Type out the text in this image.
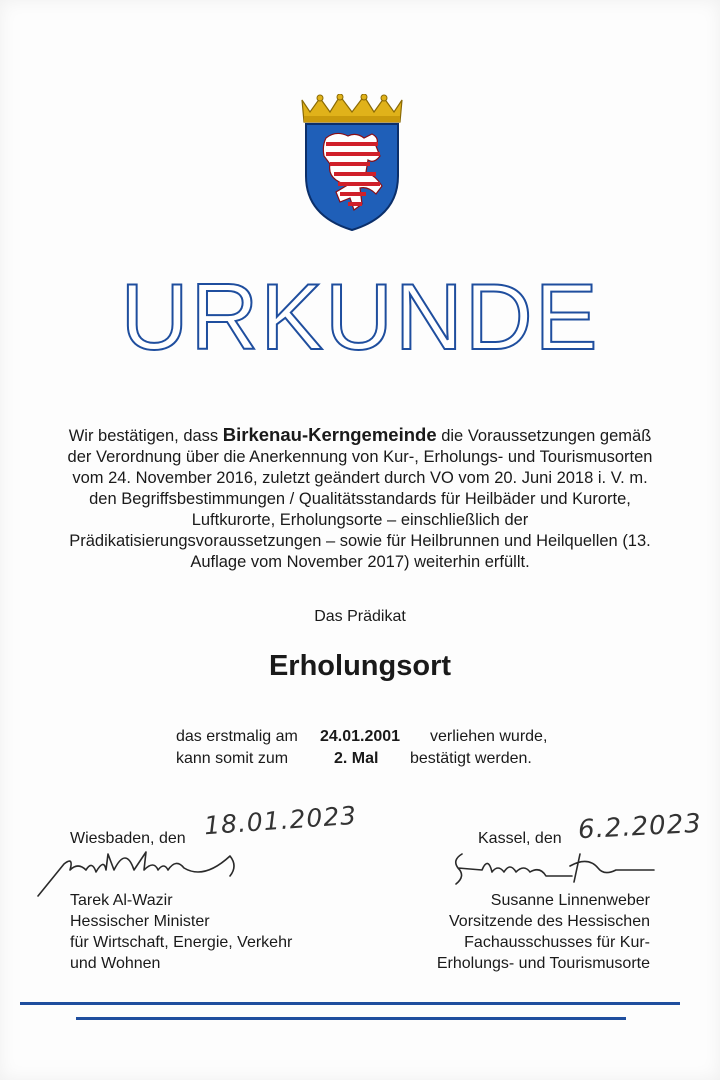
URKUNDE
Wir bestätigen, dass Birkenau-Kerngemeinde die Voraussetzungen gemäß der Verordnung über die Anerkennung von Kur-, Erholungs- und Tourismusorten vom 24. November 2016, zuletzt geändert durch VO vom 20. Juni 2018 i. V. m. den Begriffsbestimmungen / Qualitätsstandards für Heilbäder und Kurorte, Luftkurorte, Erholungsorte – einschließlich der Prädikatisierungsvoraussetzungen – sowie für Heilbrunnen und Heilquellen (13. Auflage vom November 2017) weiterhin erfüllt.
Das Prädikat
Erholungsort
das erstmalig am 24.01.2001 verliehen wurde,
kann somit zum	2. Mal bestätigt werden.
Wiesbaden, den 18.01.2023
Tarek Al-Wazir
Hessischer Minister
für Wirtschaft, Energie, Verkehr
und Wohnen
Kassel, den 6.2.2023
Susanne Linnenweber
Vorsitzende des Hessischen
Fachausschusses für Kur-
Erholungs- und Tourismusorte
